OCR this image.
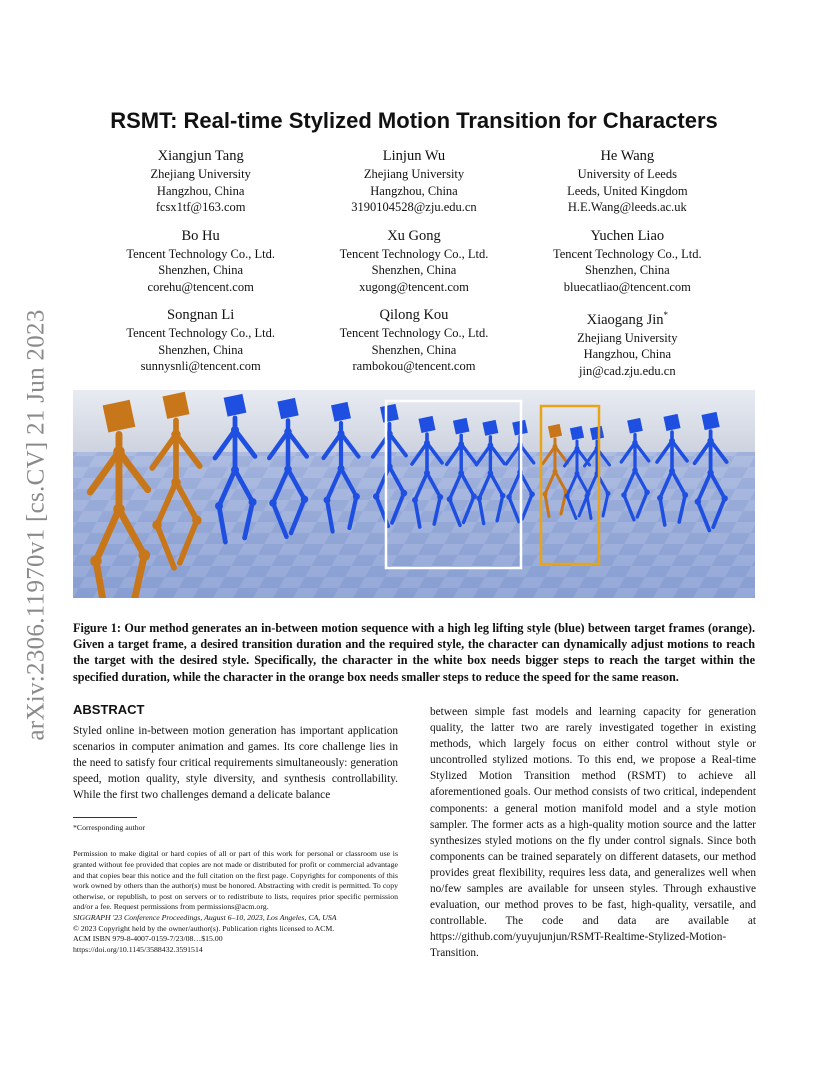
arXiv:2306.11970v1 [cs.CV] 21 Jun 2023
RSMT: Real-time Stylized Motion Transition for Characters
Xiangjun Tang
Zhejiang University
Hangzhou, China
fcsx1tf@163.com
Linjun Wu
Zhejiang University
Hangzhou, China
3190104528@zju.edu.cn
He Wang
University of Leeds
Leeds, United Kingdom
H.E.Wang@leeds.ac.uk
Bo Hu
Tencent Technology Co., Ltd.
Shenzhen, China
corehu@tencent.com
Xu Gong
Tencent Technology Co., Ltd.
Shenzhen, China
xugong@tencent.com
Yuchen Liao
Tencent Technology Co., Ltd.
Shenzhen, China
bluecatliao@tencent.com
Songnan Li
Tencent Technology Co., Ltd.
Shenzhen, China
sunnysnli@tencent.com
Qilong Kou
Tencent Technology Co., Ltd.
Shenzhen, China
rambokou@tencent.com
Xiaogang Jin*
Zhejiang University
Hangzhou, China
jin@cad.zju.edu.cn
Figure 1: Our method generates an in-between motion sequence with a high leg lifting style (blue) between target frames (orange). Given a target frame, a desired transition duration and the required style, the character can dynamically adjust motions to reach the target with the desired style. Specifically, the character in the white box needs bigger steps to reach the target within the specified duration, while the character in the orange box needs smaller steps to reduce the speed for the same reason.
ABSTRACT

Styled online in-between motion generation has important application scenarios in computer animation and games. Its core challenge lies in the need to satisfy four critical requirements simultaneously: generation speed, motion quality, style diversity, and synthesis controllability. While the first two challenges demand a delicate balance

*Corresponding author

Permission to make digital or hard copies of all or part of this work for personal or classroom use is granted without fee provided that copies are not made or distributed for profit or commercial advantage and that copies bear this notice and the full citation on the first page. Copyrights for components of this work owned by others than the author(s) must be honored. Abstracting with credit is permitted. To copy otherwise, or republish, to post on servers or to redistribute to lists, requires prior specific permission and/or a fee. Request permissions from permissions@acm.org.
SIGGRAPH '23 Conference Proceedings, August 6–10, 2023, Los Angeles, CA, USA
© 2023 Copyright held by the owner/author(s). Publication rights licensed to ACM.
ACM ISBN 979-8-4007-0159-7/23/08…$15.00
https://doi.org/10.1145/3588432.3591514

between simple fast models and learning capacity for generation quality, the latter two are rarely investigated together in existing methods, which largely focus on either control without style or uncontrolled stylized motions. To this end, we propose a Real-time Stylized Motion Transition method (RSMT) to achieve all aforementioned goals. Our method consists of two critical, independent components: a general motion manifold model and a style motion sampler. The former acts as a high-quality motion source and the latter synthesizes styled motions on the fly under control signals. Since both components can be trained separately on different datasets, our method provides great flexibility, requires less data, and generalizes well when no/few samples are available for unseen styles. Through exhaustive evaluation, our method proves to be fast, high-quality, versatile, and controllable. The code and data are available at https://github.com/yuyujunjun/RSMT-Realtime-Stylized-Motion-Transition.
